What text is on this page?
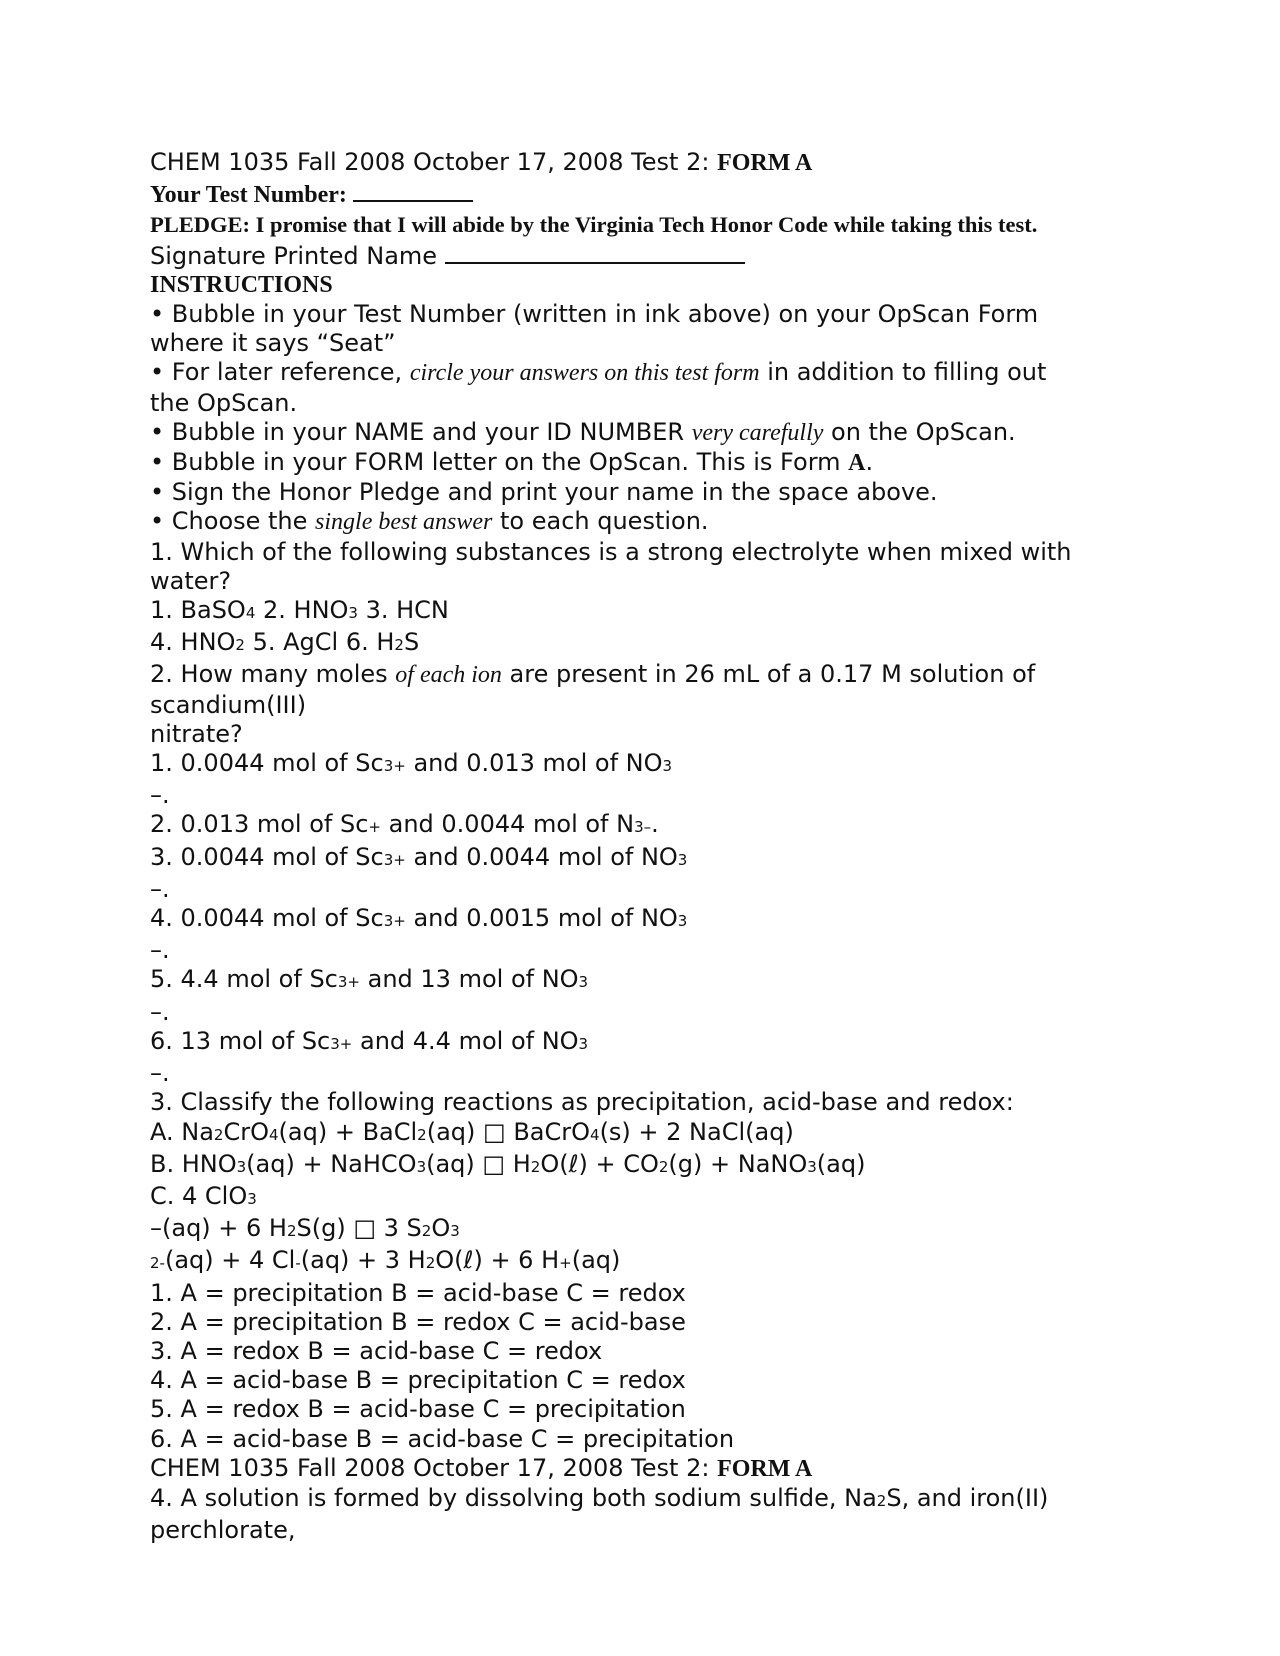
CHEM 1035 Fall 2008 October 17, 2008 Test 2: FORM A
Your Test Number:
PLEDGE: I promise that I will abide by the Virginia Tech Honor Code while taking this test.
Signature Printed Name
INSTRUCTIONS
• Bubble in your Test Number (written in ink above) on your OpScan Form
where it says “Seat”
• For later reference, circle your answers on this test form in addition to filling out
the OpScan.
• Bubble in your NAME and your ID NUMBER very carefully on the OpScan.
• Bubble in your FORM letter on the OpScan. This is Form A.
• Sign the Honor Pledge and print your name in the space above.
• Choose the single best answer to each question.
1. Which of the following substances is a strong electrolyte when mixed with
water?
1. BaSO4 2. HNO3 3. HCN
4. HNO2 5. AgCl 6. H2S
2. How many moles of each ion are present in 26 mL of a 0.17 M solution of
scandium(III)
nitrate?
1. 0.0044 mol of Sc3+ and 0.013 mol of NO3
–.
2. 0.013 mol of Sc+ and 0.0044 mol of N3–.
3. 0.0044 mol of Sc3+ and 0.0044 mol of NO3
–.
4. 0.0044 mol of Sc3+ and 0.0015 mol of NO3
–.
5. 4.4 mol of Sc3+ and 13 mol of NO3
–.
6. 13 mol of Sc3+ and 4.4 mol of NO3
–.
3. Classify the following reactions as precipitation, acid-base and redox:
A. Na2CrO4(aq) + BaCl2(aq) □ BaCrO4(s) + 2 NaCl(aq)
B. HNO3(aq) + NaHCO3(aq) □ H2O(ℓ) + CO2(g) + NaNO3(aq)
C. 4 ClO3
–(aq) + 6 H2S(g) □ 3 S2O3
2-(aq) + 4 Cl-(aq) + 3 H2O(ℓ) + 6 H+(aq)
1. A = precipitation B = acid-base C = redox
2. A = precipitation B = redox C = acid-base
3. A = redox B = acid-base C = redox
4. A = acid-base B = precipitation C = redox
5. A = redox B = acid-base C = precipitation
6. A = acid-base B = acid-base C = precipitation
CHEM 1035 Fall 2008 October 17, 2008 Test 2: FORM A
4. A solution is formed by dissolving both sodium sulfide, Na2S, and iron(II)
perchlorate,
